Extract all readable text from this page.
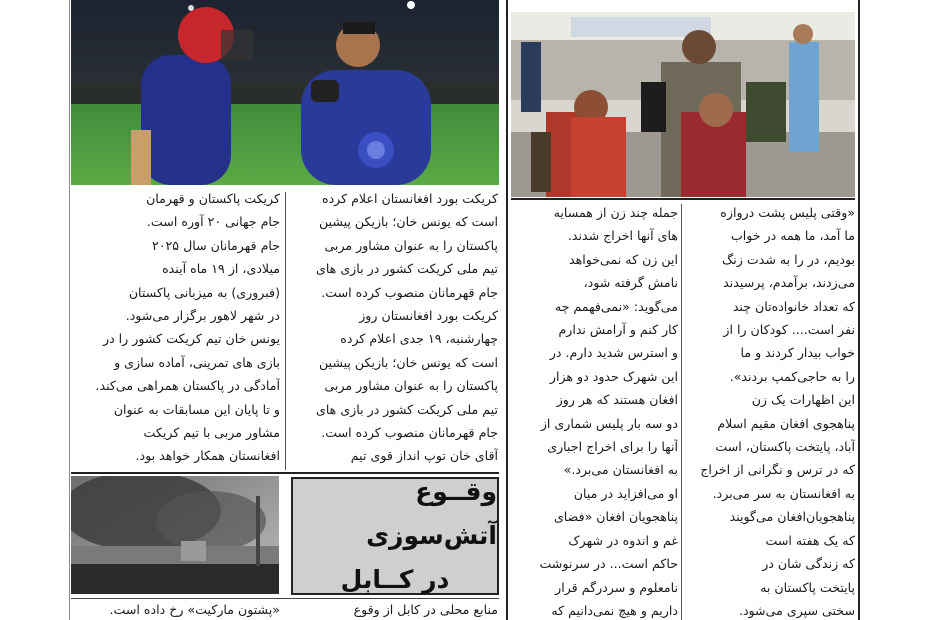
کریکت بورد افغانستان اعلام کرده
است که یونس خان؛ بازیکن پیشین
پاکستان را به عنوان مشاور مربی
تیم ملی کریکت کشور در بازی های
جام قهرمانان منصوب کرده است.
کریکت بورد افغانستان روز
چهارشنبه، ۱۹ جدی اعلام کرده
است که یونس خان؛ بازیکن پیشین
پاکستان را به عنوان مشاور مربی
تیم ملی کریکت کشور در بازی های
جام قهرمانان منصوب کرده است.
آقای خان توپ انداز قوی تیم
کریکت پاکستان و قهرمان
جام جهانی ۲۰ آوره است.
جام قهرمانان سال ۲۰۲۵
میلادی، از ۱۹ ماه آینده
(فبروری) به میزبانی پاکستان
در شهر لاهور برگزار می‌شود.
یونس خان تیم کریکت کشور را در
بازی های تمرینی، آماده سازی و
آمادگی در پاکستان همراهی می‌کند.
و تا پایان این مسابقات به عنوان
مشاور مربی با تیم کریکت
افغانستان همکار خواهد بود.
«وقتی پلیس پشت دروازه
ما آمد، ما همه در خواب
بودیم، در را به شدت زنگ
می‌زدند، برآمدم، پرسیدند
که تعداد خانواده‌تان چند
نفر است.... کودکان را از
خواب بیدار کردند و ما
را به حاجی‌کمپ بردند».
این اظهارات یک زن
پناهجوی افغان مقیم اسلام
آباد، پایتخت پاکستان، است
که در ترس و نگرانی از اخراج
به افغانستان به سر می‌برد.
پناهجویان‌افغان می‌گویند
که یک هفته است
که زندگی شان در
پایتخت پاکستان به
سختی سپری می‌شود.
جمله چند زن از همسایه
های آنها اخراج شدند.
این زن که نمی‌خواهد
نامش گرفته شود،
می‌گوید: «نمی‌فهمم چه
کار کنم و آرامش ندارم
و استرس شدید دارم. در
این شهرک حدود دو هزار
افغان هستند که هر روز
دو سه بار پلیس شماری از
آنها را برای اخراج اجباری
به افغانستان می‌برد.»
او می‌افزاید در میان
پناهجویان افغان «فضای
غم و اندوه در شهرک
حاکم است... در سرنوشت
نامعلوم و سردرگم قرار
داریم و هیچ نمی‌دانیم که
وقــوع آتش‌سوزی
در کــابل
منابع محلی در کابل از وقوع
«پشتون مارکیت» رخ داده است.
